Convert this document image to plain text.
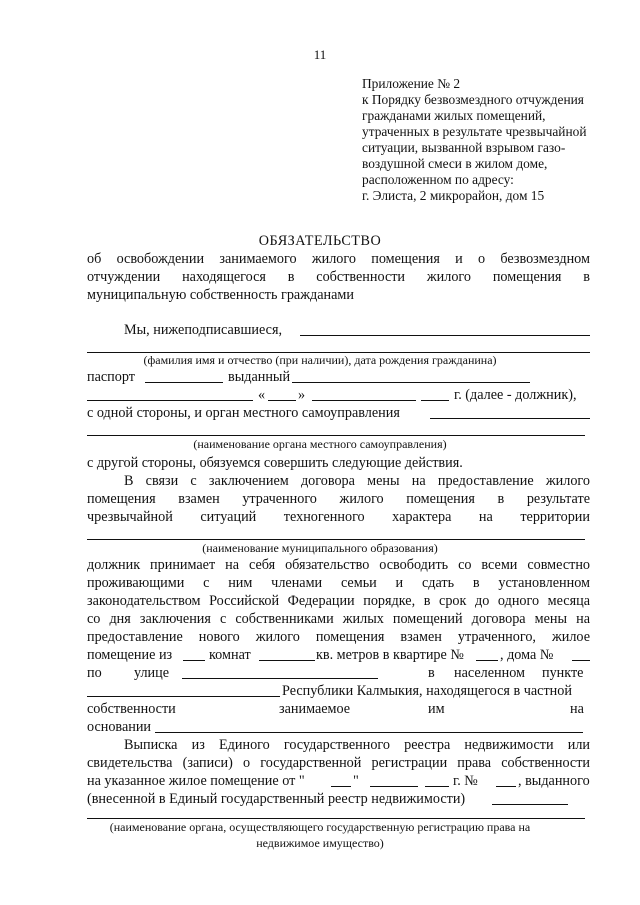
11
Приложение № 2
к Порядку безвозмездного отчуждения
гражданами жилых помещений,
утраченных в результате чрезвычайной
ситуации, вызванной взрывом газо-
воздушной смеси в жилом доме,
расположенном по адресу:
г. Элиста, 2 микрорайон, дом 15
ОБЯЗАТЕЛЬСТВО
об освобождении занимаемого жилого помещения и о безвозмездном
отчуждении находящегося в собственности жилого помещения в
муниципальную собственность гражданами
Мы, нижеподписавшиеся,
(фамилия имя и отчество (при наличии), дата рождения гражданина)
паспорт	выданный
« »	г. (далее - должник),
с одной стороны, и орган местного самоуправления
(наименование органа местного самоуправления)
с другой стороны, обязуемся совершить следующие действия.
В связи с заключением договора мены на предоставление жилого
помещения взамен утраченного жилого помещения в результате
чрезвычайной ситуаций техногенного характера на территории
(наименование муниципального образования)
должник принимает на себя обязательство освободить со всеми совместно
проживающими с ним членами семьи и сдать в установленном
законодательством Российской Федерации порядке, в срок до одного месяца
со дня заключения с собственниками жилых помещений договора мены на
предоставление нового жилого помещения взамен утраченного, жилое
помещение из	комнат	кв. метров в квартире №	, дома №
по улице	в населенном пункте
Республики Калмыкия, находящегося в частной
собственности	занимаемое	им	на
основании
Выписка из Единого государственного реестра недвижимости или
свидетельства (записи) о государственной регистрации права собственности
на указанное жилое помещение от "	"	г. №	, выданного
(внесенной в Единый государственный реестр недвижимости)
(наименование органа, осуществляющего государственную регистрацию права на
недвижимое имущество)
